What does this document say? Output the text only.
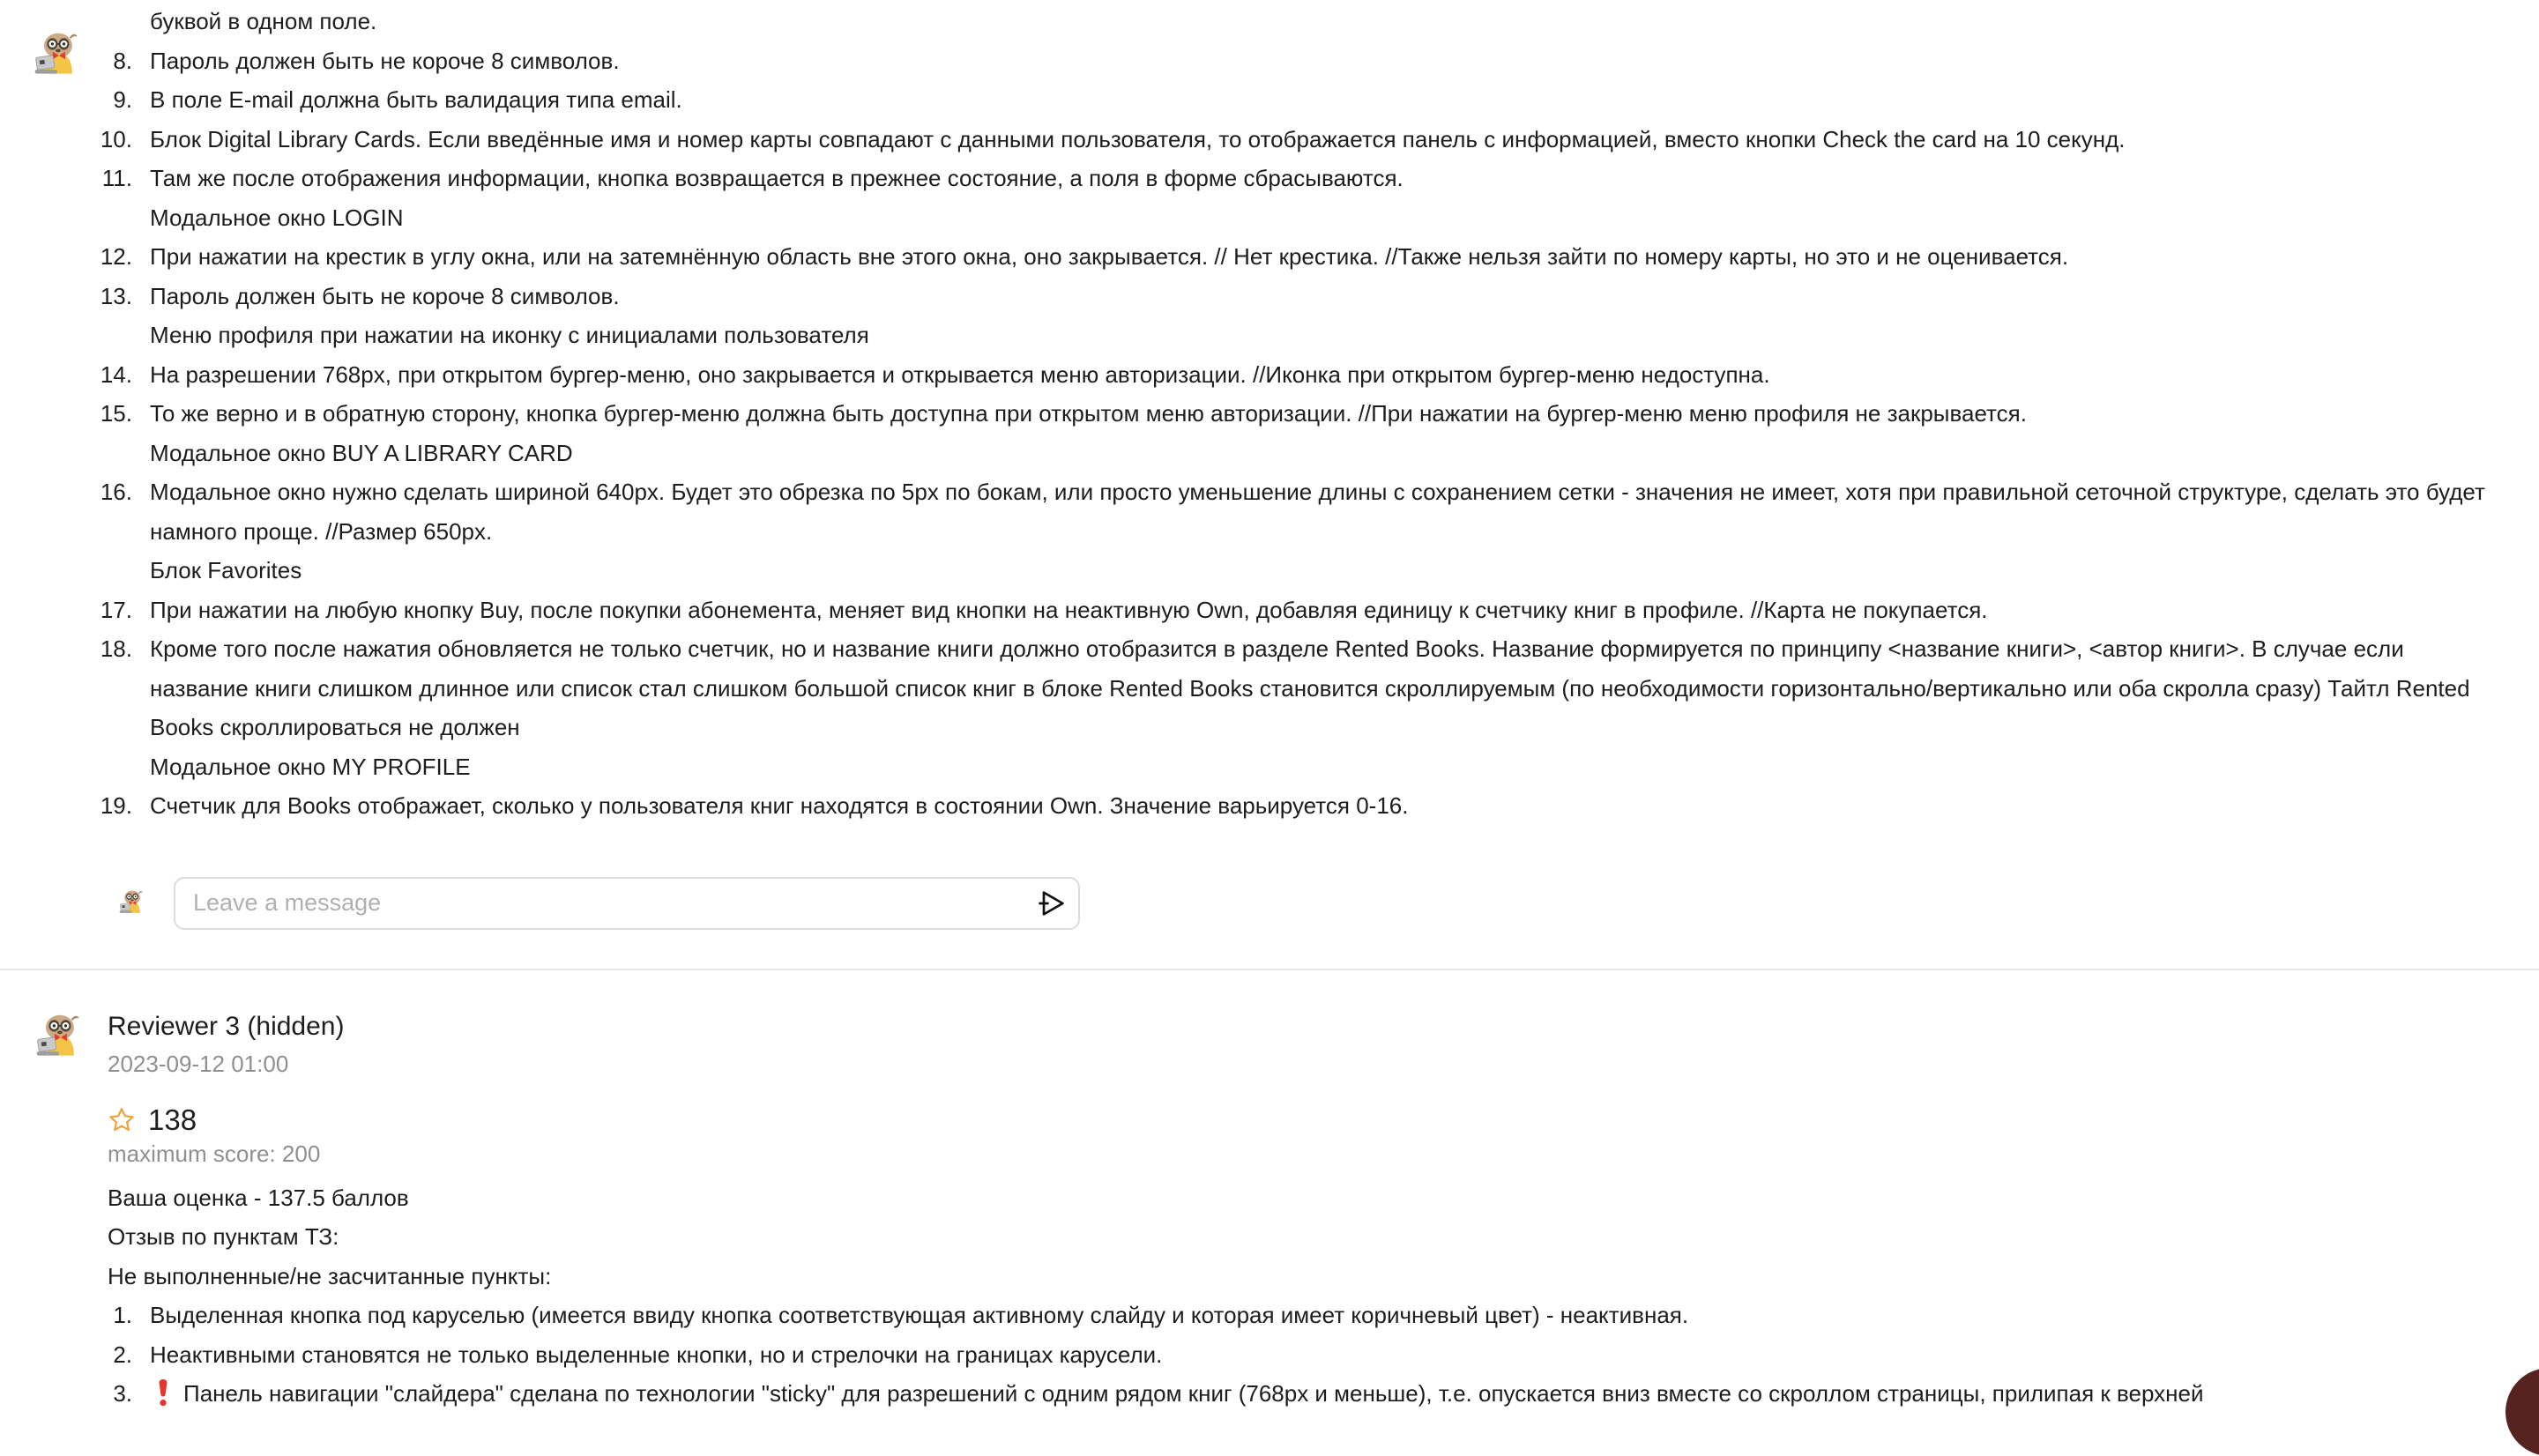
буквой в одном поле.
8. Пароль должен быть не короче 8 символов.
9. В поле E-mail должна быть валидация типа email.
10. Блок Digital Library Cards. Если введённые имя и номер карты совпадают с данными пользователя, то отображается панель с информацией, вместо кнопки Check the card на 10 секунд.
11. Там же после отображения информации, кнопка возвращается в прежнее состояние, а поля в форме сбрасываются.
Модальное окно LOGIN
12. При нажатии на крестик в углу окна, или на затемнённую область вне этого окна, оно закрывается. // Нет крестика. //Также нельзя зайти по номеру карты, но это и не оценивается.
13. Пароль должен быть не короче 8 символов.
Меню профиля при нажатии на иконку с инициалами пользователя
14. На разрешении 768px, при открытом бургер-меню, оно закрывается и открывается меню авторизации. //Иконка при открытом бургер-меню недоступна.
15. То же верно и в обратную сторону, кнопка бургер-меню должна быть доступна при открытом меню авторизации. //При нажатии на бургер-меню меню профиля не закрывается.
Модальное окно BUY A LIBRARY CARD
16. Модальное окно нужно сделать шириной 640px. Будет это обрезка по 5px по бокам, или просто уменьшение длины с сохранением сетки - значения не имеет, хотя при правильной сеточной структуре, сделать это будет намного проще. //Размер 650px.
Блок Favorites
17. При нажатии на любую кнопку Buy, после покупки абонемента, меняет вид кнопки на неактивную Own, добавляя единицу к счетчику книг в профиле. //Карта не покупается.
18. Кроме того после нажатия обновляется не только счетчик, но и название книги должно отобразится в разделе Rented Books. Название формируется по принципу <название книги>, <автор книги>. В случае если название книги слишком длинное или список стал слишком большой список книг в блоке Rented Books становится скроллируемым (по необходимости горизонтально/вертикально или оба скролла сразу) Тайтл Rented Books скроллироваться не должен
Модальное окно MY PROFILE
19. Счетчик для Books отображает, сколько у пользователя книг находятся в состоянии Own. Значение варьируется 0-16.
Leave a message
Reviewer 3 (hidden)
2023-09-12 01:00
138
maximum score: 200
Ваша оценка - 137.5 баллов
Отзыв по пунктам ТЗ:
Не выполненные/не засчитанные пункты:
1. Выделенная кнопка под каруселью (имеется ввиду кнопка соответствующая активному слайду и которая имеет коричневый цвет) - неактивная.
2. Неактивными становятся не только выделенные кнопки, но и стрелочки на границах карусели.
3.	Панель навигации "слайдера" сделана по технологии "sticky" для разрешений с одним рядом книг (768px и меньше), т.е. опускается вниз вместе со скроллом страницы, прилипая к верхней
